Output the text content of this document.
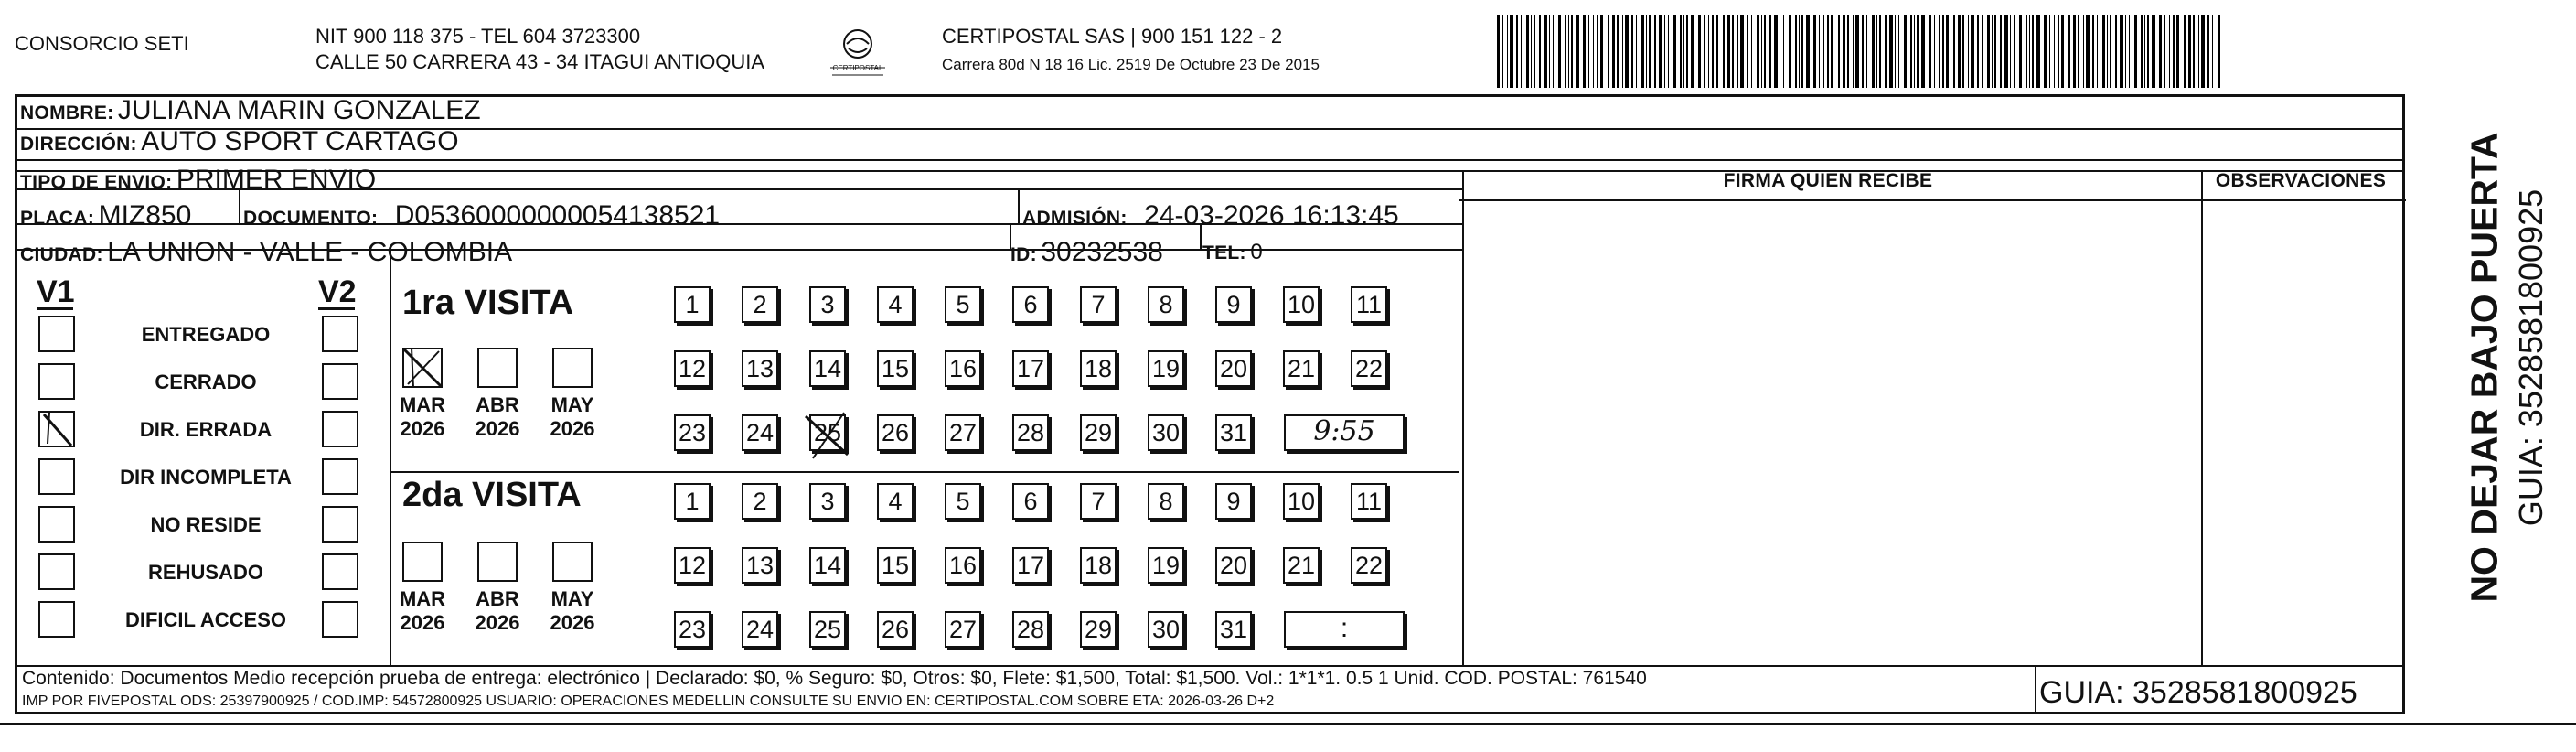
CONSORCIO SETI	NIT 900 118 375 - TEL 604 3723300
CALLE 50 CARRERA 43 - 34 ITAGUI ANTIOQUIA	CERTIPOSTAL
CERTIPOSTAL SAS | 900 151 122 - 2
Carrera 80d N 18 16 Lic. 2519 De Octubre 23 De 2015
NOMBRE: JULIANA MARIN GONZALEZ
DIRECCIÓN: AUTO SPORT CARTAGO
TIPO DE ENVIO: PRIMER ENVIO	FIRMA QUIEN RECIBE	OBSERVACIONES
PLACA: MIZ850	DOCUMENTO: D05360000000054138521	ADMISIÓN: 24-03-2026 16:13:45
CIUDAD: LA UNION - VALLE - COLOMBIA	ID: 30232538 TEL: 0
V1	V2
ENTREGADO
CERRADO
DIR. ERRADA
DIR INCOMPLETA
NO RESIDE
REHUSADO
DIFICIL ACCESO
1ra VISITA
MAR
2026
ABR
2026
MAY
2026
1	2	3	4	5	6	7	8	9	10 11
12 13 14 15 16 17 18 19 20 21 22
23 24 25 26 27 28 29 30 31	9:55
2da VISITA
MAR
2026
ABR
2026
MAY
2026
1	2	3	4	5	6	7	8	9	10 11
12 13 14 15 16 17 18 19 20 21 22
23 24 25 26 27 28 29 30 31	:
Contenido: Documentos Medio recepción prueba de entrega: electrónico | Declarado: $0, % Seguro: $0, Otros: $0, Flete: $1,500, Total: $1,500. Vol.: 1*1*1. 0.5 1 Unid. COD. POSTAL: 761540
IMP POR FIVEPOSTAL ODS: 25397900925 / COD.IMP: 54572800925 USUARIO: OPERACIONES MEDELLIN CONSULTE SU ENVIO EN: CERTIPOSTAL.COM SOBRE ETA: 2026-03-26 D+2	GUIA: 3528581800925
NO DEJAR BAJO PUERTA GUIA: 3528581800925
